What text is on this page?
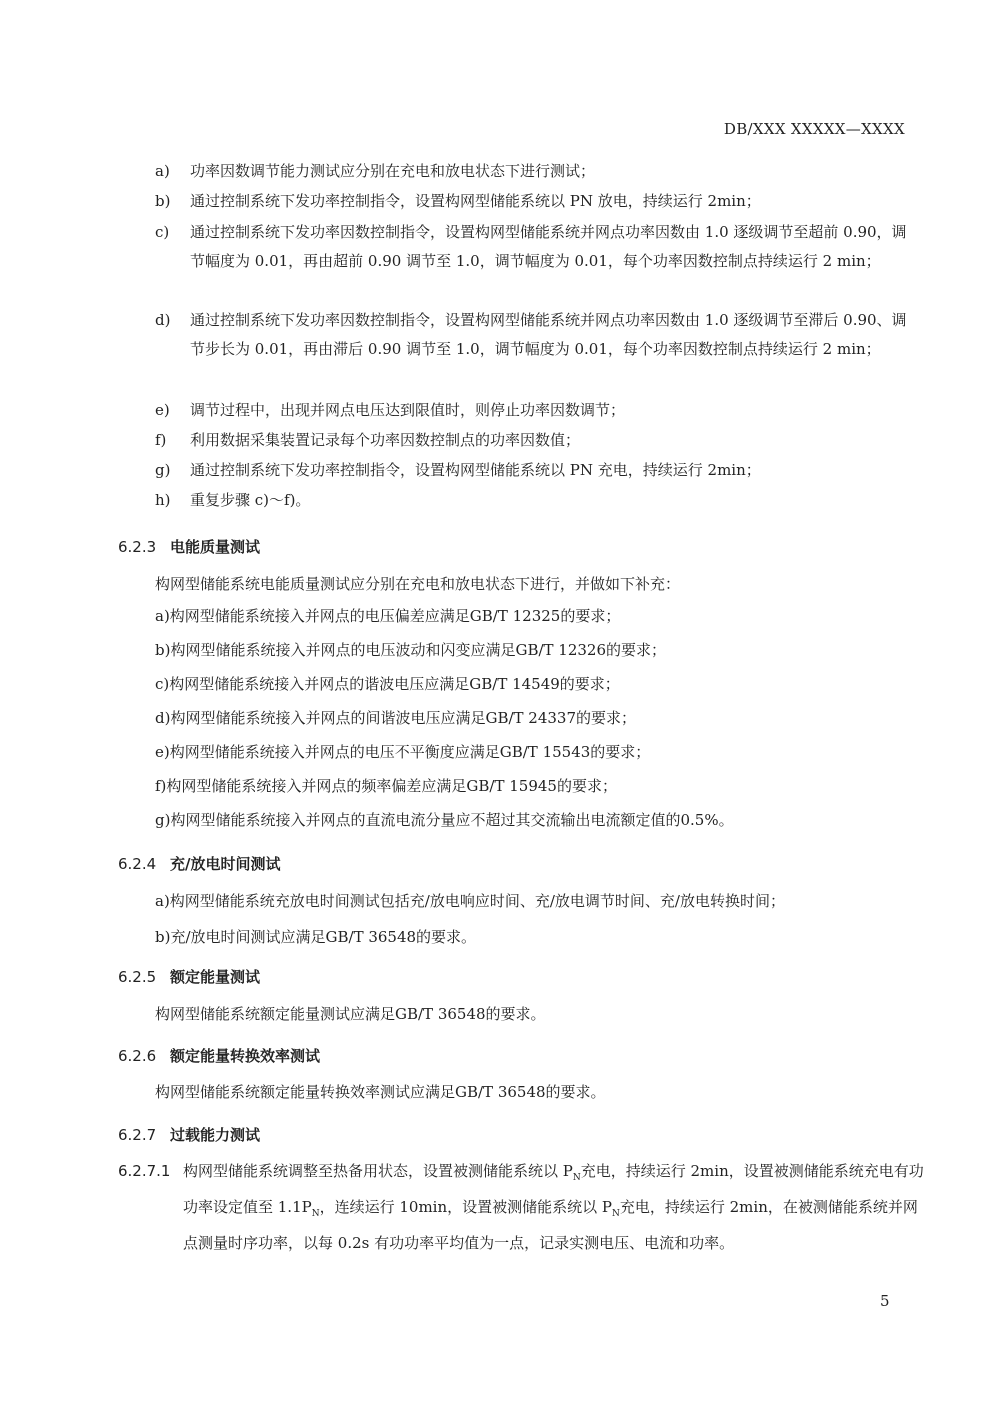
DB/XXX XXXXX—XXXX
a)	功率因数调节能力测试应分别在充电和放电状态下进行测试；
b)	通过控制系统下发功率控制指令，设置构网型储能系统以 PN 放电，持续运行 2min；
c)	通过控制系统下发功率因数控制指令，设置构网型储能系统并网点功率因数由 1.0 逐级调节至超前 0.90，调节幅度为 0.01，再由超前 0.90 调节至 1.0，调节幅度为 0.01，每个功率因数控制点持续运行 2 min；
d)	通过控制系统下发功率因数控制指令，设置构网型储能系统并网点功率因数由 1.0 逐级调节至滞后 0.90、调节步长为 0.01，再由滞后 0.90 调节至 1.0，调节幅度为 0.01，每个功率因数控制点持续运行 2 min；
e)	调节过程中，出现并网点电压达到限值时，则停止功率因数调节；
f)	利用数据采集装置记录每个功率因数控制点的功率因数值；
g)	通过控制系统下发功率控制指令，设置构网型储能系统以 PN 充电，持续运行 2min；
h)	重复步骤 c)～f)。
6.2.3 电能质量测试
构网型储能系统电能质量测试应分别在充电和放电状态下进行，并做如下补充：
a)构网型储能系统接入并网点的电压偏差应满足GB/T 12325的要求；
b)构网型储能系统接入并网点的电压波动和闪变应满足GB/T 12326的要求；
c)构网型储能系统接入并网点的谐波电压应满足GB/T 14549的要求；
d)构网型储能系统接入并网点的间谐波电压应满足GB/T 24337的要求；
e)构网型储能系统接入并网点的电压不平衡度应满足GB/T 15543的要求；
f)构网型储能系统接入并网点的频率偏差应满足GB/T 15945的要求；
g)构网型储能系统接入并网点的直流电流分量应不超过其交流输出电流额定值的0.5%。
6.2.4 充/放电时间测试
a)构网型储能系统充放电时间测试包括充/放电响应时间、充/放电调节时间、充/放电转换时间；
b)充/放电时间测试应满足GB/T 36548的要求。
6.2.5 额定能量测试
构网型储能系统额定能量测试应满足GB/T 36548的要求。
6.2.6 额定能量转换效率测试
构网型储能系统额定能量转换效率测试应满足GB/T 36548的要求。
6.2.7 过载能力测试
6.2.7.1 构网型储能系统调整至热备用状态，设置被测储能系统以 $P_N$充电，持续运行 2min，设置被测储能系统充电有功功率设定值至 $1.1P_N$，连续运行 10min，设置被测储能系统以 $P_N$充电，持续运行 2min，在被测储能系统并网点测量时序功率，以每 0.2s 有功功率平均值为一点，记录实测电压、电流和功率。
5
